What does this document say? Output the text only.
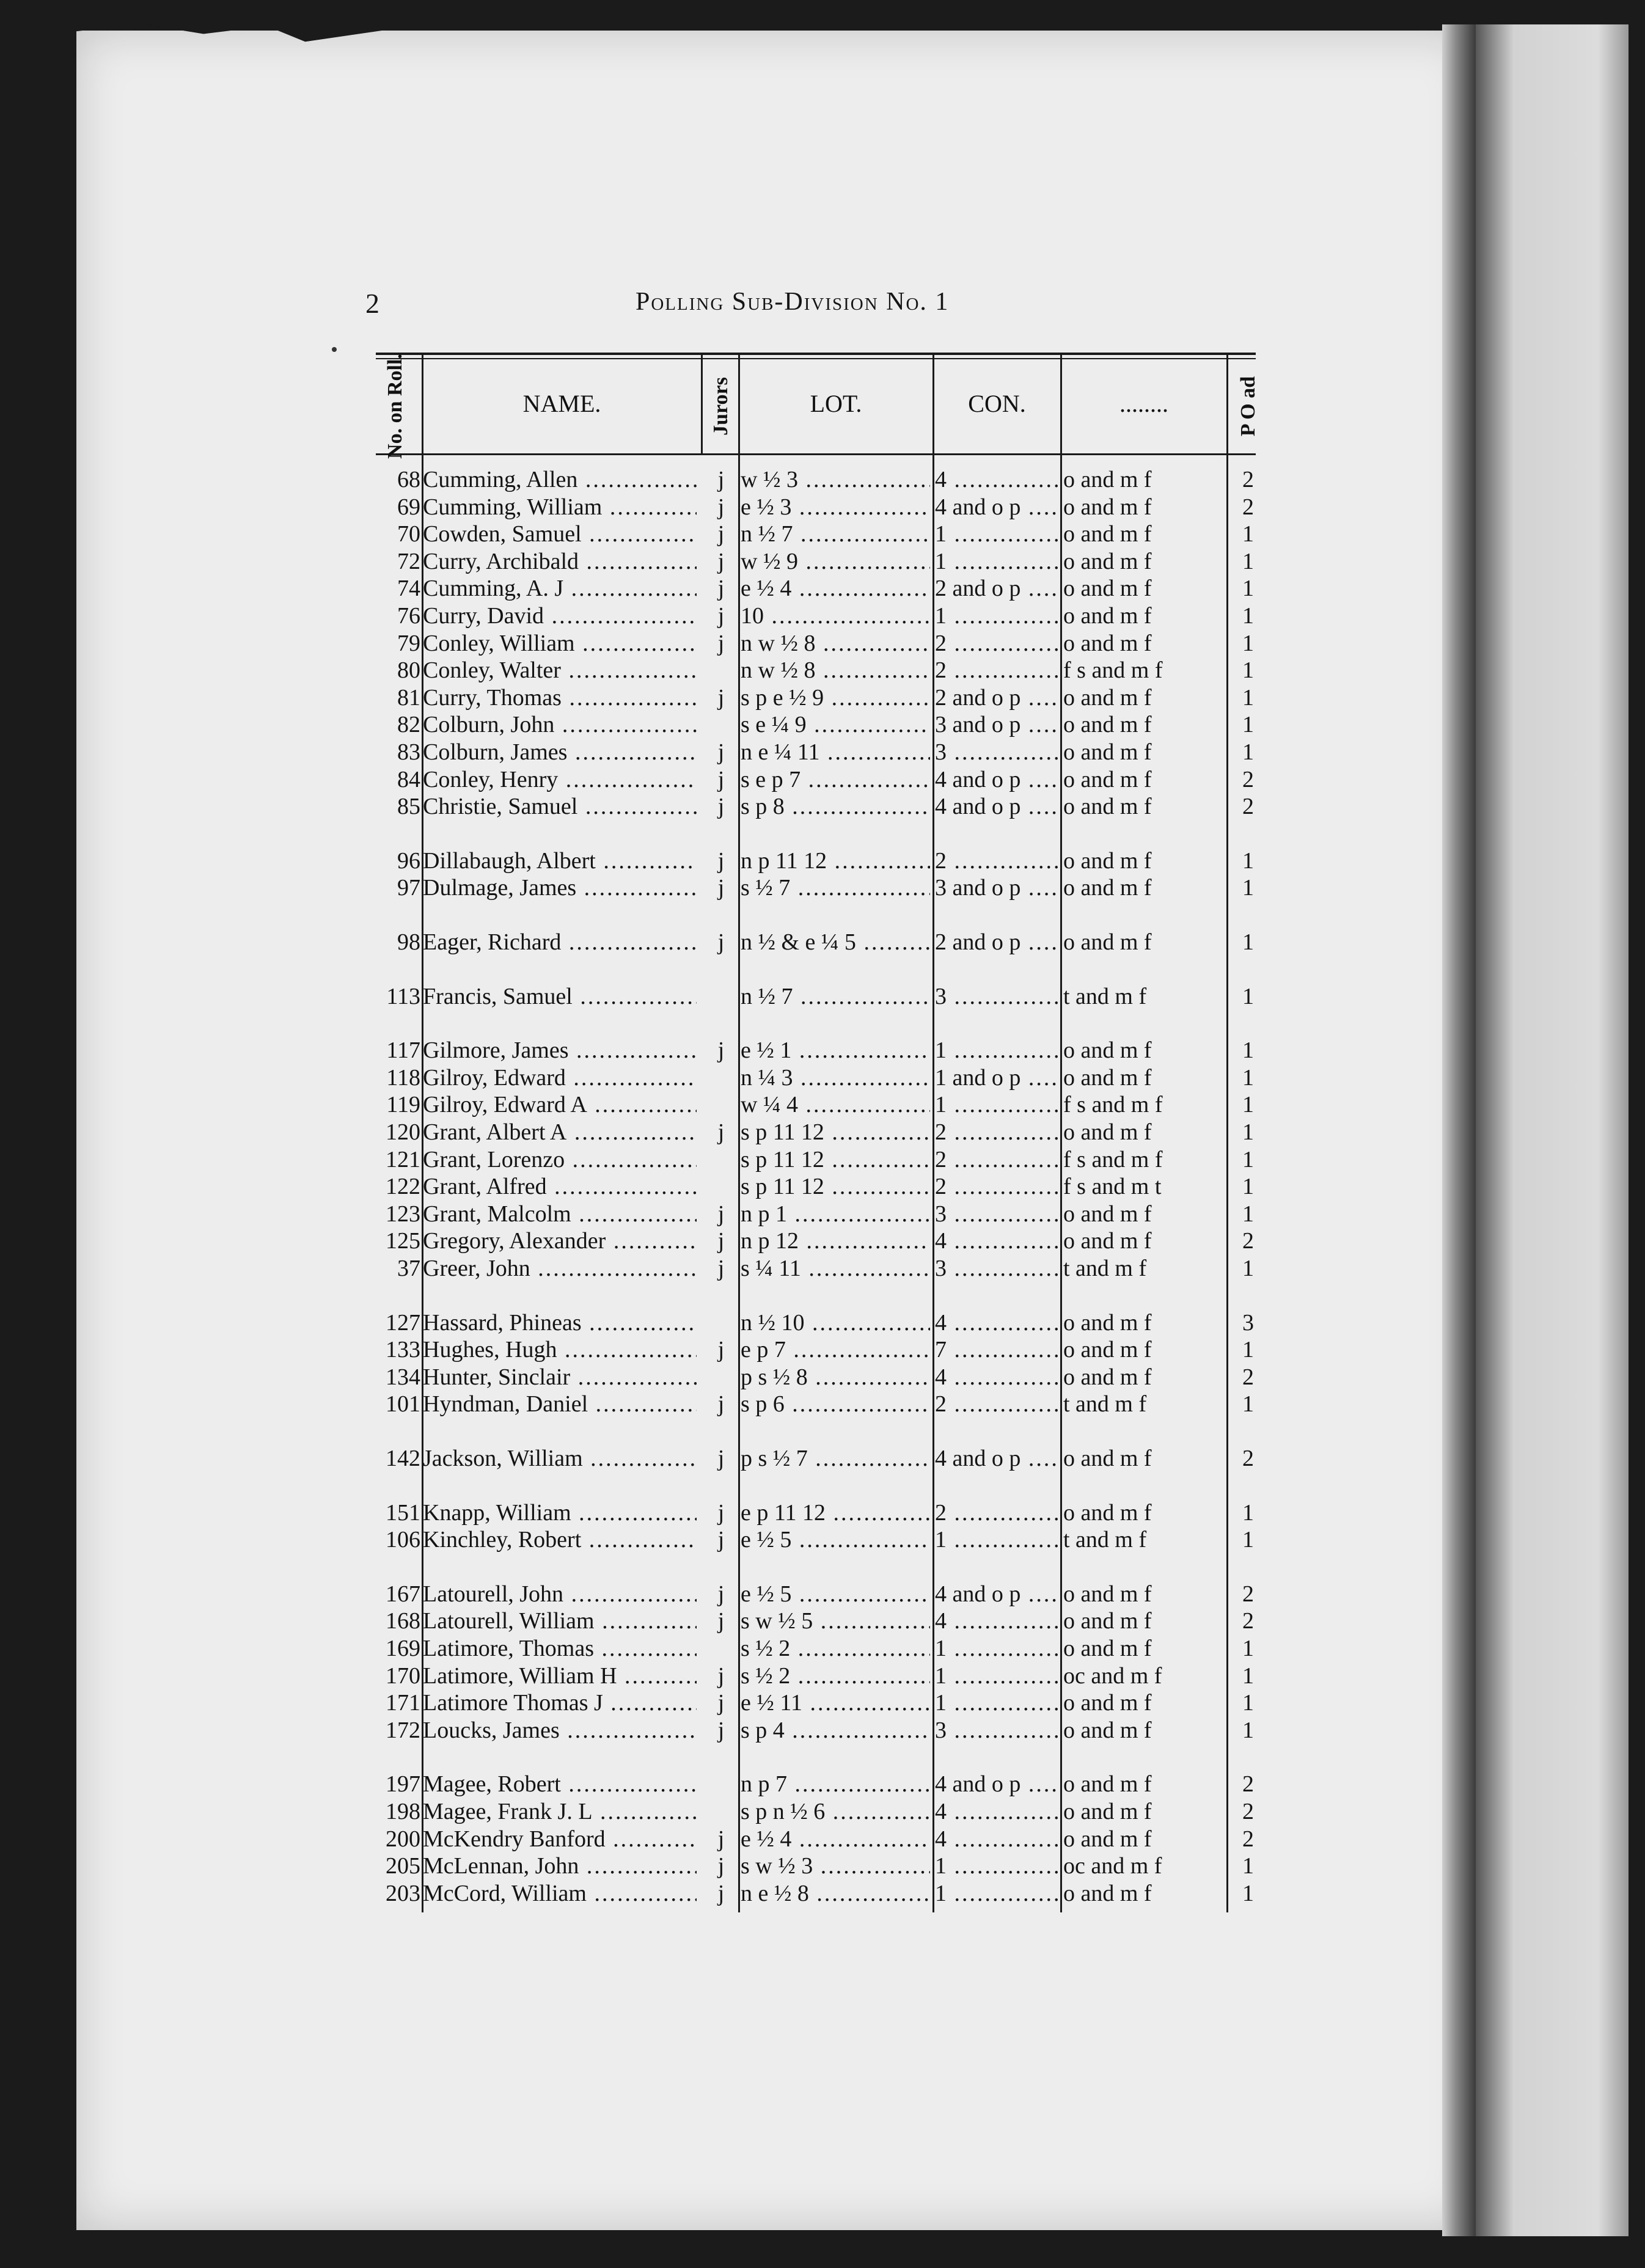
2	Polling Sub-Division No. 1
No. on Roll.	NAME.	Jurors	LOT.	CON.	........	P O ad
68 Cumming, Allen .....	j w ½ 3 .....	4 .....	o and m f	2
69 Cumming, William .....	j e ½ 3 .....	4 and o p .....	o and m f	2
70 Cowden, Samuel .....	j n ½ 7 .....	1 .....	o and m f	1
72 Curry, Archibald .....	j w ½ 9 .....	1 .....	o and m f	1
74 Cumming, A. J .....	j e ½ 4 .....	2 and o p .....	o and m f	1
76 Curry, David .....	j 10 .....	1 .....	o and m f	1
79 Conley, William .....	j n w ½ 8 .....	2 .....	o and m f	1
80 Conley, Walter .....	n w ½ 8 .....	2 .....	f s and m f	1
81 Curry, Thomas .....	j s p e ½ 9 .....	2 and o p .....	o and m f	1
82 Colburn, John .....	s e ¼ 9 .....	3 and o p .....	o and m f	1
83 Colburn, James .....	j n e ¼ 11 .....	3 .....	o and m f	1
84 Conley, Henry .....	j s e p 7 .....	4 and o p .....	o and m f	2
85 Christie, Samuel .....	j s p 8 .....	4 and o p .....	o and m f	2
96 Dillabaugh, Albert .....	j n p 11 12 .....	2 .....	o and m f	1
97 Dulmage, James .....	j s ½ 7 .....	3 and o p .....	o and m f	1
98 Eager, Richard .....	j n ½ & e ¼ 5 .....	2 and o p .....	o and m f	1
113 Francis, Samuel .....	n ½ 7 .....	3 .....	t and m f	1
117 Gilmore, James .....	j e ½ 1 .....	1 .....	o and m f	1
118 Gilroy, Edward .....	n ¼ 3 .....	1 and o p .....	o and m f	1
119 Gilroy, Edward A .....	w ¼ 4 .....	1 .....	f s and m f	1
120 Grant, Albert A .....	j s p 11 12 .....	2 .....	o and m f	1
121 Grant, Lorenzo .....	s p 11 12 .....	2 .....	f s and m f	1
122 Grant, Alfred .....	s p 11 12 .....	2 .....	f s and m t	1
123 Grant, Malcolm .....	j n p 1 .....	3 .....	o and m f	1
125 Gregory, Alexander .....	j n p 12 .....	4 .....	o and m f	2
37 Greer, John .....	j s ¼ 11 .....	3 .....	t and m f	1
127 Hassard, Phineas .....	n ½ 10 .....	4 .....	o and m f	3
133 Hughes, Hugh .....	j e p 7 .....	7 .....	o and m f	1
134 Hunter, Sinclair .....	p s ½ 8 .....	4 .....	o and m f	2
101 Hyndman, Daniel .....	j s p 6 .....	2 .....	t and m f	1
142 Jackson, William .....	j p s ½ 7 .....	4 and o p .....	o and m f	2
151 Knapp, William .....	j e p 11 12 .....	2 .....	o and m f	1
106 Kinchley, Robert .....	j e ½ 5 .....	1 .....	t and m f	1
167 Latourell, John .....	j e ½ 5 .....	4 and o p .....	o and m f	2
168 Latourell, William .....	j s w ½ 5 .....	4 .....	o and m f	2
169 Latimore, Thomas .....	s ½ 2 .....	1 .....	o and m f	1
170 Latimore, William H .....	j s ½ 2 .....	1 .....	oc and m f	1
171 Latimore Thomas J .....	j e ½ 11 .....	1 .....	o and m f	1
172 Loucks, James .....	j s p 4 .....	3 .....	o and m f	1
197 Magee, Robert .....	n p 7 .....	4 and o p .....	o and m f	2
198 Magee, Frank J. L .....	s p n ½ 6 .....	4 .....	o and m f	2
200 McKendry Banford .....	j e ½ 4 .....	4 .....	o and m f	2
205 McLennan, John .....	j s w ½ 3 .....	1 .....	oc and m f	1
203 McCord, William .....	j n e ½ 8 .....	1 .....	o and m f	1
